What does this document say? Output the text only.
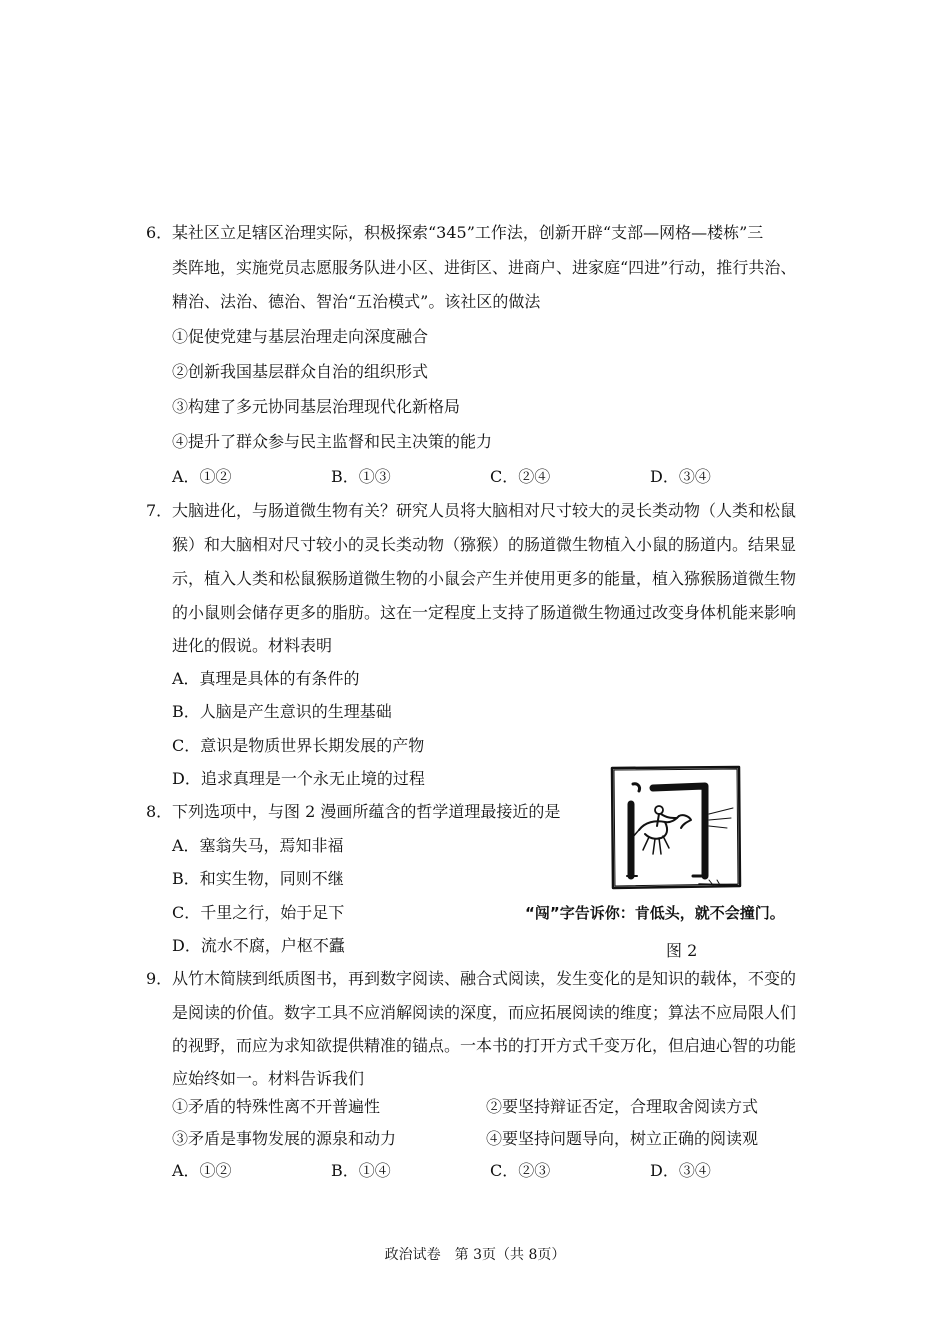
6． 某社区立足辖区治理实际，积极探索“345”工作法，创新开辟“支部—网格—楼栋”三
类阵地，实施党员志愿服务队进小区、进街区、进商户、进家庭“四进”行动，推行共治、
精治、法治、德治、智治“五治模式”。该社区的做法
①促使党建与基层治理走向深度融合
②创新我国基层群众自治的组织形式
③构建了多元协同基层治理现代化新格局
④提升了群众参与民主监督和民主决策的能力
A．①②	B．①③	C．②④	D．③④
7． 大脑进化，与肠道微生物有关？研究人员将大脑相对尺寸较大的灵长类动物（人类和松鼠
猴）和大脑相对尺寸较小的灵长类动物（猕猴）的肠道微生物植入小鼠的肠道内。结果显
示，植入人类和松鼠猴肠道微生物的小鼠会产生并使用更多的能量，植入猕猴肠道微生物
的小鼠则会储存更多的脂肪。这在一定程度上支持了肠道微生物通过改变身体机能来影响
进化的假说。材料表明
A．真理是具体的有条件的
B．人脑是产生意识的生理基础
C．意识是物质世界长期发展的产物
D．追求真理是一个永无止境的过程
8． 下列选项中，与图 2 漫画所蕴含的哲学道理最接近的是
A．塞翁失马，焉知非福
B．和实生物，同则不继
C．千里之行，始于足下
D．流水不腐，户枢不蠹
“闯”字告诉你：肯低头，就不会撞门。
图 2
9． 从竹木简牍到纸质图书，再到数字阅读、融合式阅读，发生变化的是知识的载体，不变的
是阅读的价值。数字工具不应消解阅读的深度，而应拓展阅读的维度；算法不应局限人们
的视野，而应为求知欲提供精准的锚点。一本书的打开方式千变万化，但启迪心智的功能
应始终如一。材料告诉我们
①矛盾的特殊性离不开普遍性	②要坚持辩证否定，合理取舍阅读方式
③矛盾是事物发展的源泉和动力	④要坚持问题导向，树立正确的阅读观
A．①②	B．①④	C．②③	D．③④
政治试卷　第 3页（共 8页）
